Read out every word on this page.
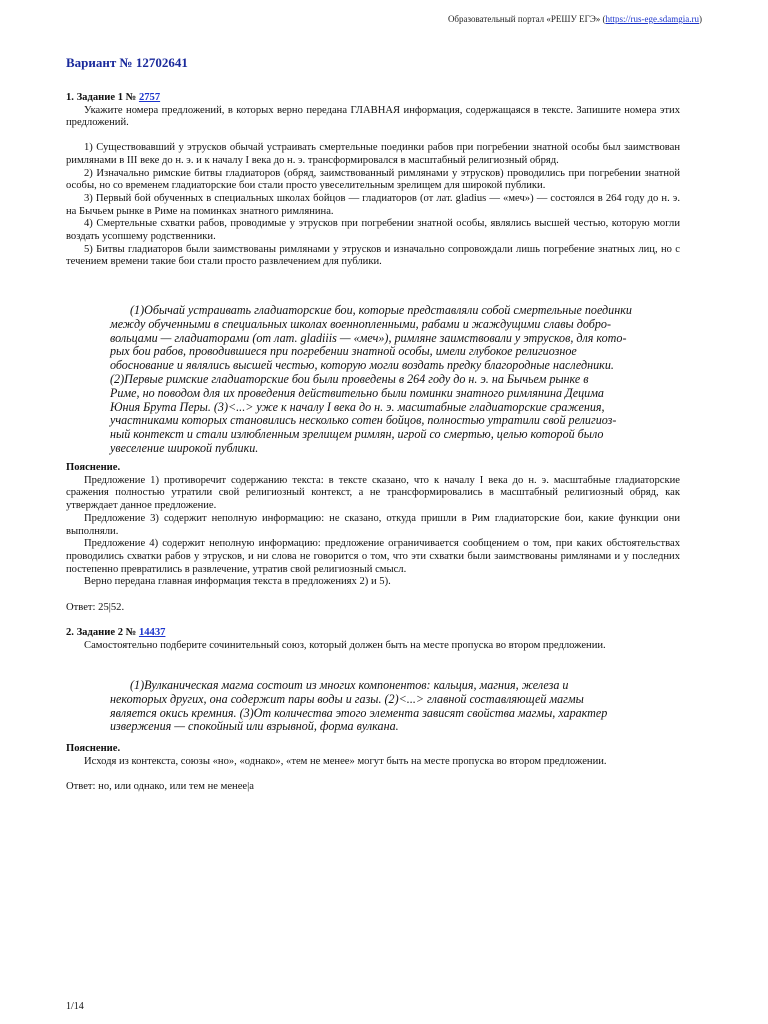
Образовательный портал «РЕШУ ЕГЭ» (https://rus-ege.sdamgia.ru)
Вариант № 12702641
1. Задание 1 № 2757

Укажите номера предложений, в которых верно передана ГЛАВНАЯ информация, содержащаяся в тексте. Запишите номера этих предложений.

1) Существовавший у этрусков обычай устраивать смертельные поединки рабов при погребении знатной особы был заимствован римлянами в III веке до н. э. и к началу I века до н. э. трансформировался в масштабный религиозный обряд.

2) Изначально римские битвы гладиаторов (обряд, заимствованный римлянами у этрусков) проводились при погребении знатной особы, но со временем гладиаторские бои стали просто увеселительным зрелищем для широкой публики.

3) Первый бой обученных в специальных школах бойцов — гладиаторов (от лат. gladius — «меч») — состоялся в 264 году до н. э. на Бычьем рынке в Риме на поминках знатного римлянина.

4) Смертельные схватки рабов, проводимые у этрусков при погребении знатной особы, являлись высшей честью, которую могли воздать усопшему родственники.

5) Битвы гладиаторов были заимствованы римлянами у этрусков и изначально сопровождали лишь погребение знатных лиц, но с течением времени такие бои стали просто развлечением для публики.

(1)Обычай устраивать гладиаторские бои, которые представляли собой смертельные поединки

между обученными в специальных школах военнопленными, рабами и жаждущими славы добро-
вольцами — гладиаторами (от лат. gladiiis — «меч»), римляне заимствовали у этрусков, для кото-
рых бои рабов, проводившиеся при погребении знатной особы, имели глубокое религиозное
обоснование и являлись высшей честью, которую могли воздать предку благородные наследники.
(2)Первые римские гладиаторские бои были проведены в 264 году до н. э. на Бычьем рынке в
Риме, но поводом для их проведения действительно были поминки знатного римлянина Децима
Юния Брута Перы. (3)<...> уже к началу I века до н. э. масштабные гладиаторские сражения,
участниками которых становились несколько сотен бойцов, полностью утратили свой религиоз-
ный контекст и стали излюбленным зрелищем римлян, игрой со смертью, целью которой было
увеселение широкой публики.

Пояснение.

Предложение 1) противоречит содержанию текста: в тексте сказано, что к началу I века до н. э. масштабные гладиаторские сражения полностью утратили свой религиозный контекст, а не трансформировались в масштабный религиозный обряд, как утверждает данное предложение.

Предложение 3) содержит неполную информацию: не сказано, откуда пришли в Рим гладиаторские бои, какие функции они выполняли.

Предложение 4) содержит неполную информацию: предложение ограничивается сообщением о том, при каких обстоятельствах проводились схватки рабов у этрусков, и ни слова не говорится о том, что эти схватки были заимствованы римлянами и у последних постепенно превратились в развлечение, утратив свой религиозный смысл.

Верно передана главная информация текста в предложениях 2) и 5).

Ответ: 25|52.

2. Задание 2 № 14437

Самостоятельно подберите сочинительный союз, который должен быть на месте пропуска во втором предложении.

(1)Вулканическая магма состоит из многих компонентов: кальция, магния, железа и

некоторых других, она содержит пары воды и газы. (2)<...> главной составляющей магмы
является окись кремния. (3)От количества этого элемента зависят свойства магмы, характер
извержения — спокойный или взрывной, форма вулкана.

Пояснение.

Исходя из контекста, союзы «но», «однако», «тем не менее» могут быть на месте пропуска во втором предложении.

Ответ: но, или однако, или тем не менее|а

1/14
